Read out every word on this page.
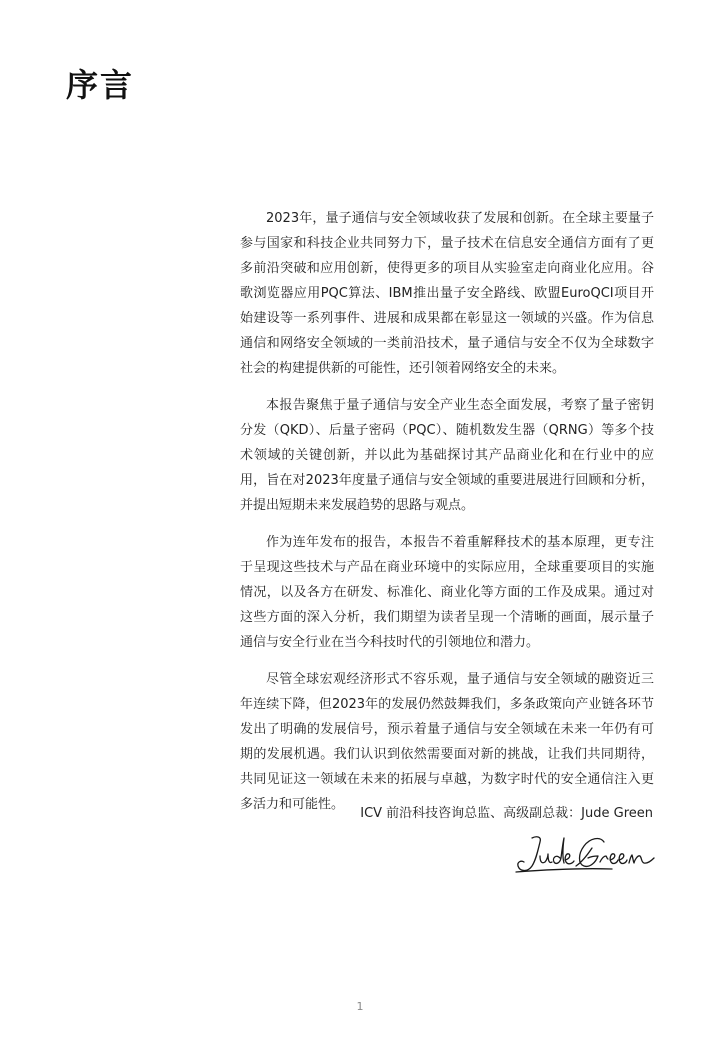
序言

2023年，量子通信与安全领域收获了发展和创新。在全球主要量子参与国家和科技企业共同努力下，量子技术在信息安全通信方面有了更多前沿突破和应用创新，使得更多的项目从实验室走向商业化应用。谷歌浏览器应用PQC算法、IBM推出量子安全路线、欧盟EuroQCI项目开始建设等一系列事件、进展和成果都在彰显这一领域的兴盛。作为信息通信和网络安全领域的一类前沿技术，量子通信与安全不仅为全球数字社会的构建提供新的可能性，还引领着网络安全的未来。

本报告聚焦于量子通信与安全产业生态全面发展，考察了量子密钥分发（QKD）、后量子密码（PQC）、随机数发生器（QRNG）等多个技术领域的关键创新，并以此为基础探讨其产品商业化和在行业中的应用，旨在对2023年度量子通信与安全领域的重要进展进行回顾和分析，并提出短期未来发展趋势的思路与观点。

作为连年发布的报告，本报告不着重解释技术的基本原理，更专注于呈现这些技术与产品在商业环境中的实际应用，全球重要项目的实施情况，以及各方在研发、标准化、商业化等方面的工作及成果。通过对这些方面的深入分析，我们期望为读者呈现一个清晰的画面，展示量子通信与安全行业在当今科技时代的引领地位和潜力。

尽管全球宏观经济形式不容乐观，量子通信与安全领域的融资近三年连续下降，但2023年的发展仍然鼓舞我们，多条政策向产业链各环节发出了明确的发展信号，预示着量子通信与安全领域在未来一年仍有可期的发展机遇。我们认识到依然需要面对新的挑战，让我们共同期待，共同见证这一领域在未来的拓展与卓越，为数字时代的安全通信注入更多活力和可能性。

ICV 前沿科技咨询总监、高级副总裁：Jude Green
1
